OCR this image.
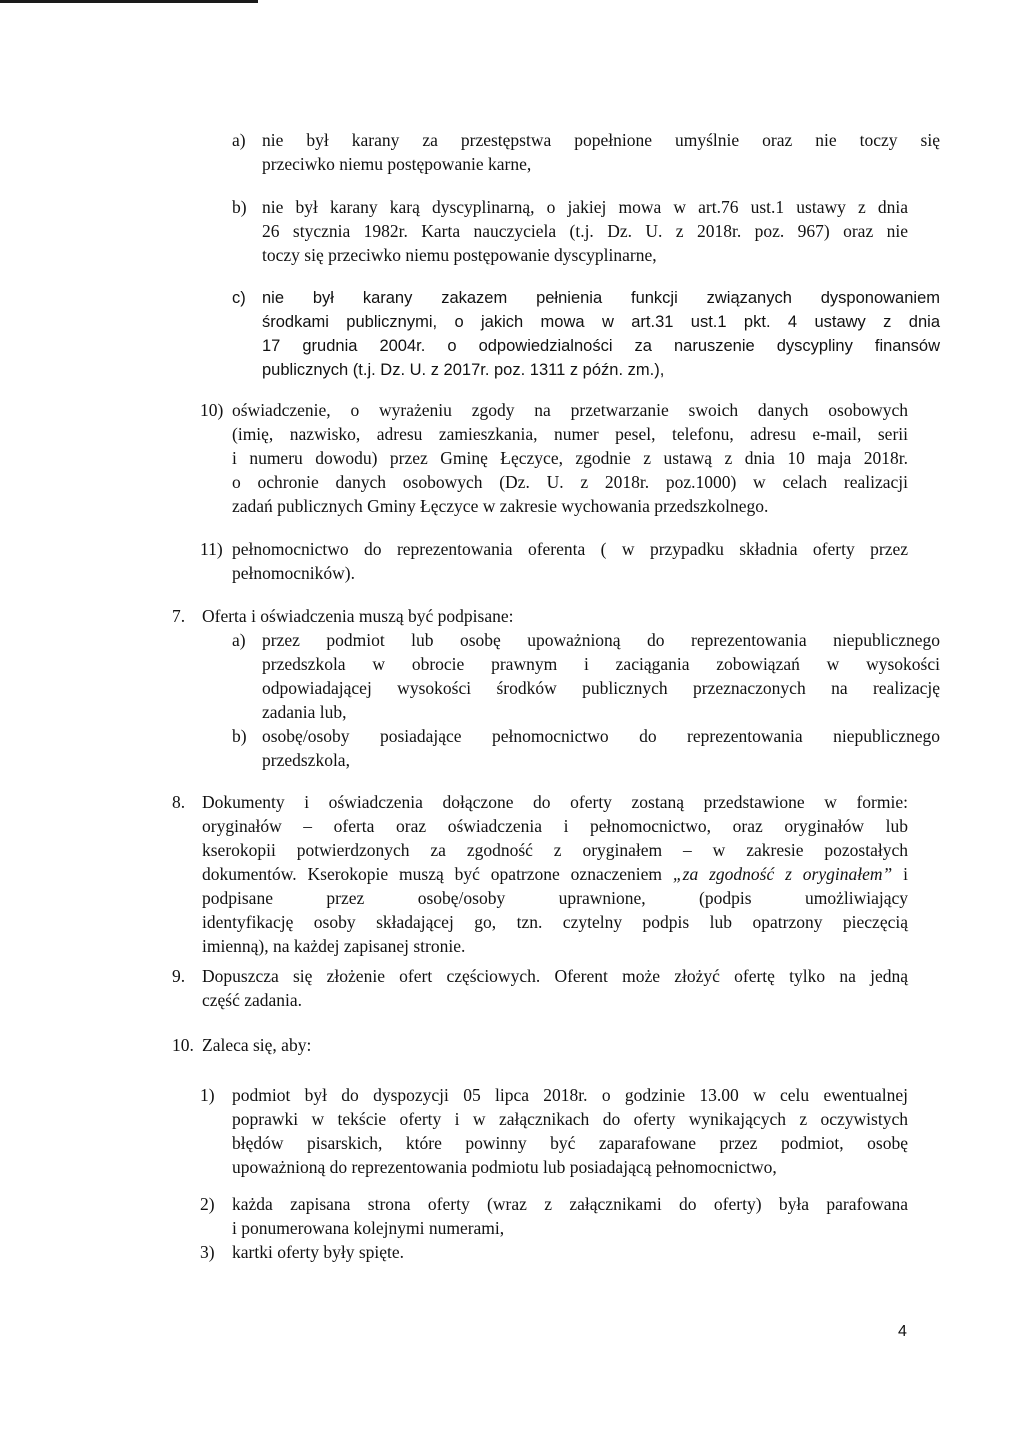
a) nie był karany za przestępstwa popełnione umyślnie oraz nie toczy się

przeciwko niemu postępowanie karne,

b) nie był karany karą dyscyplinarną, o jakiej mowa w art.76 ust.1 ustawy z dnia

26 stycznia 1982r. Karta nauczyciela (t.j. Dz. U. z 2018r. poz. 967) oraz nie

toczy się przeciwko niemu postępowanie dyscyplinarne,

c) nie był karany zakazem pełnienia funkcji związanych dysponowaniem

środkami publicznymi, o jakich mowa w art.31 ust.1 pkt. 4 ustawy z dnia

17 grudnia 2004r. o odpowiedzialności za naruszenie dyscypliny finansów

publicznych (t.j. Dz. U. z 2017r. poz. 1311 z późn. zm.),

10) oświadczenie, o wyrażeniu zgody na przetwarzanie swoich danych osobowych

(imię, nazwisko, adresu zamieszkania, numer pesel, telefonu, adresu e-mail, serii

i numeru dowodu) przez Gminę Łęczyce, zgodnie z ustawą z dnia 10 maja 2018r.

o ochronie danych osobowych (Dz. U. z 2018r. poz.1000) w celach realizacji

zadań publicznych Gminy Łęczyce w zakresie wychowania przedszkolnego.

11) pełnomocnictwo do reprezentowania oferenta ( w przypadku składnia oferty przez

pełnomocników).

7. Oferta i oświadczenia muszą być podpisane:

a) przez podmiot lub osobę upoważnioną do reprezentowania niepublicznego

przedszkola w obrocie prawnym i zaciągania zobowiązań w wysokości

odpowiadającej wysokości środków publicznych przeznaczonych na realizację

zadania lub,

b) osobę/osoby posiadające pełnomocnictwo do reprezentowania niepublicznego

przedszkola,

8. Dokumenty i oświadczenia dołączone do oferty zostaną przedstawione w formie:

oryginałów – oferta oraz oświadczenia i pełnomocnictwo, oraz oryginałów lub

kserokopii potwierdzonych za zgodność z oryginałem – w zakresie pozostałych

dokumentów. Kserokopie muszą być opatrzone oznaczeniem „za zgodność z oryginałem” i podpisane przez osobę/osoby uprawnione, (podpis umożliwiający

identyfikację osoby składającej go, tzn. czytelny podpis lub opatrzony pieczęcią

imienną), na każdej zapisanej stronie.

9. Dopuszcza się złożenie ofert częściowych. Oferent może złożyć ofertę tylko na jedną

część zadania.

10. Zaleca się, aby:

1) podmiot był do dyspozycji 05 lipca 2018r. o godzinie 13.00 w celu ewentualnej

poprawki w tekście oferty i w załącznikach do oferty wynikających z oczywistych

błędów pisarskich, które powinny być zaparafowane przez podmiot, osobę

upoważnioną do reprezentowania podmiotu lub posiadającą pełnomocnictwo,

2) każda zapisana strona oferty (wraz z załącznikami do oferty) była parafowana

i ponumerowana kolejnymi numerami,

3) kartki oferty były spięte.

4
